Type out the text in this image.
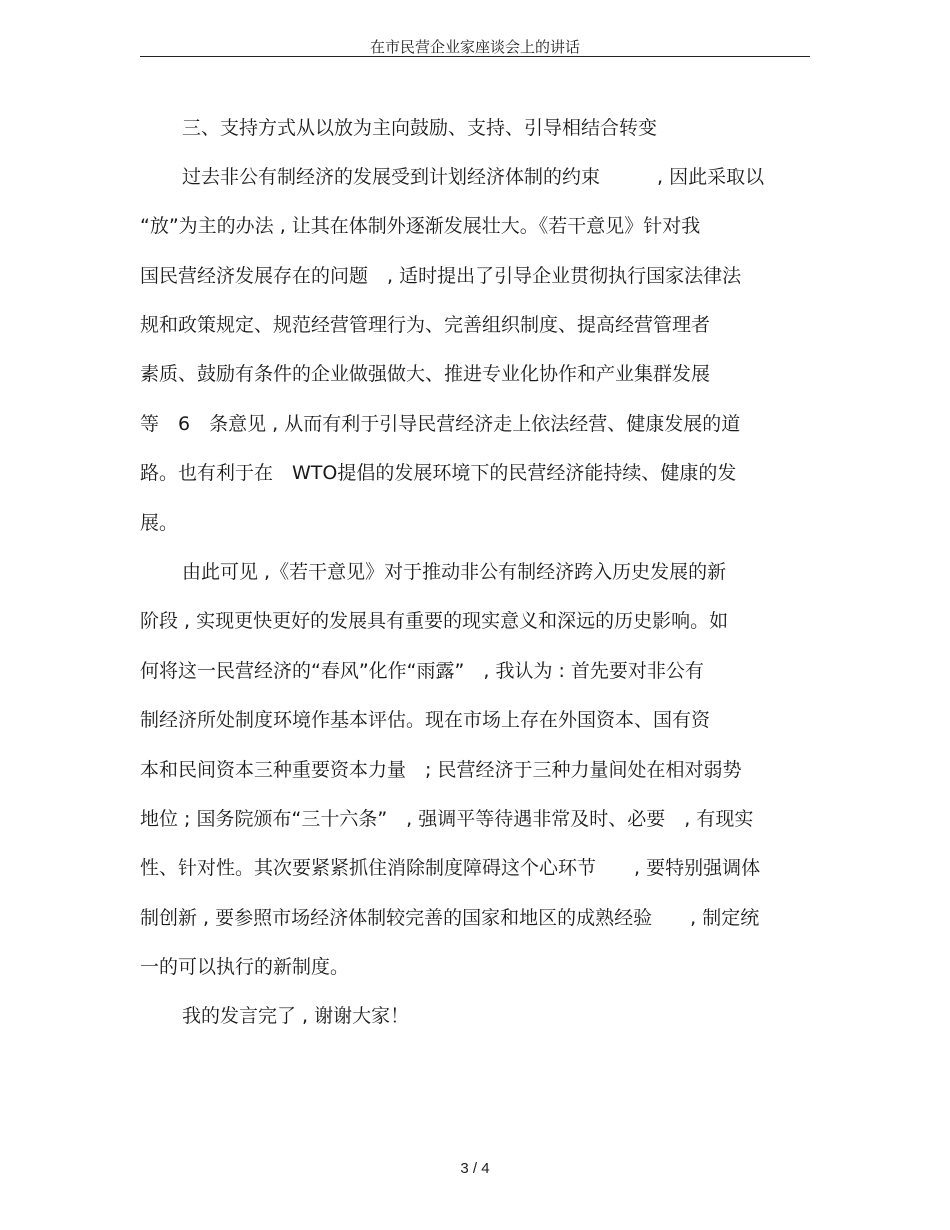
在市民营企业家座谈会上的讲话
三、支持方式从以放为主向鼓励、支持、引导相结合转变
过去非公有制经济的发展受到计划经济体制的约束　　　, 因此采取以
“放”为主的办法 , 让其在体制外逐渐发展壮大。《若干意见》针对我
国民营经济发展存在的问题　, 适时提出了引导企业贯彻执行国家法律法
规和政策规定、规范经营管理行为、完善组织制度、提高经营管理者
素质、鼓励有条件的企业做强做大、推进专业化协作和产业集群发展
等　6　条意见 , 从而有利于引导民营经济走上依法经营、健康发展的道
路。也有利于在　WTO提倡的发展环境下的民营经济能持续、健康的发
展。
由此可见 ,《若干意见》对于推动非公有制经济跨入历史发展的新
阶段 , 实现更快更好的发展具有重要的现实意义和深远的历史影响。如
何将这一民营经济的“春风”化作“雨露”　, 我认为 : 首先要对非公有
制经济所处制度环境作基本评估。现在市场上存在外国资本、国有资
本和民间资本三种重要资本力量　; 民营经济于三种力量间处在相对弱势
地位 ; 国务院颁布“三十六条”　, 强调平等待遇非常及时、必要　, 有现实
性、针对性。其次要紧紧抓住消除制度障碍这个心环节　　, 要特别强调体
制创新 , 要参照市场经济体制较完善的国家和地区的成熟经验　　, 制定统
一的可以执行的新制度。
我的发言完了 , 谢谢大家！
3 / 4
